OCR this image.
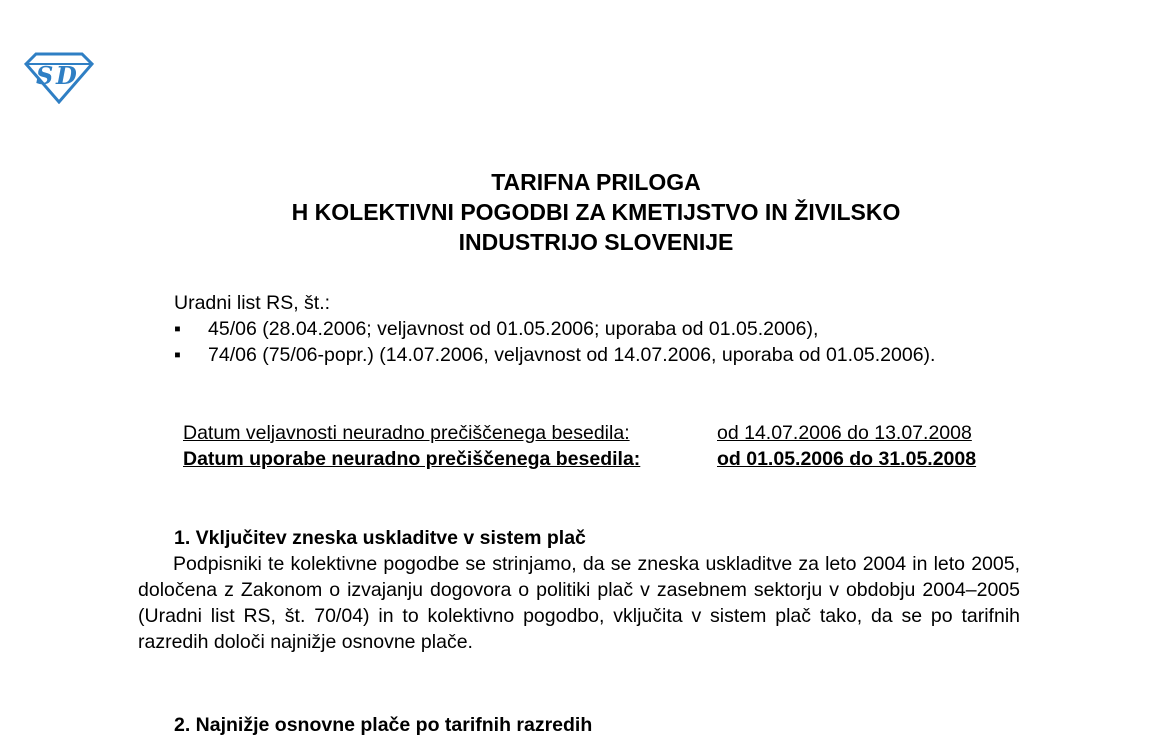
S D
TARIFNA PRILOGA
H KOLEKTIVNI POGODBI ZA KMETIJSTVO IN ŽIVILSKO
INDUSTRIJO SLOVENIJE
Uradni list RS, št.:
▪ 45/06 (28.04.2006; veljavnost od 01.05.2006; uporaba od 01.05.2006),
▪ 74/06 (75/06-popr.) (14.07.2006, veljavnost od 14.07.2006, uporaba od 01.05.2006).
Datum veljavnosti neuradno prečiščenega besedila:	od 14.07.2006 do 13.07.2008
Datum uporabe neuradno prečiščenega besedila:	od 01.05.2006 do 31.05.2008
1. Vključitev zneska uskladitve v sistem plač
Podpisniki te kolektivne pogodbe se strinjamo, da se zneska uskladitve za leto 2004 in leto 2005, določena z Zakonom o izvajanju dogovora o politiki plač v zasebnem sektorju v obdobju 2004–2005 (Uradni list RS, št. 70/04) in to kolektivno pogodbo, vključita v sistem plač tako, da se po tarifnih razredih določi najnižje osnovne plače.
2. Najnižje osnovne plače po tarifnih razredih
